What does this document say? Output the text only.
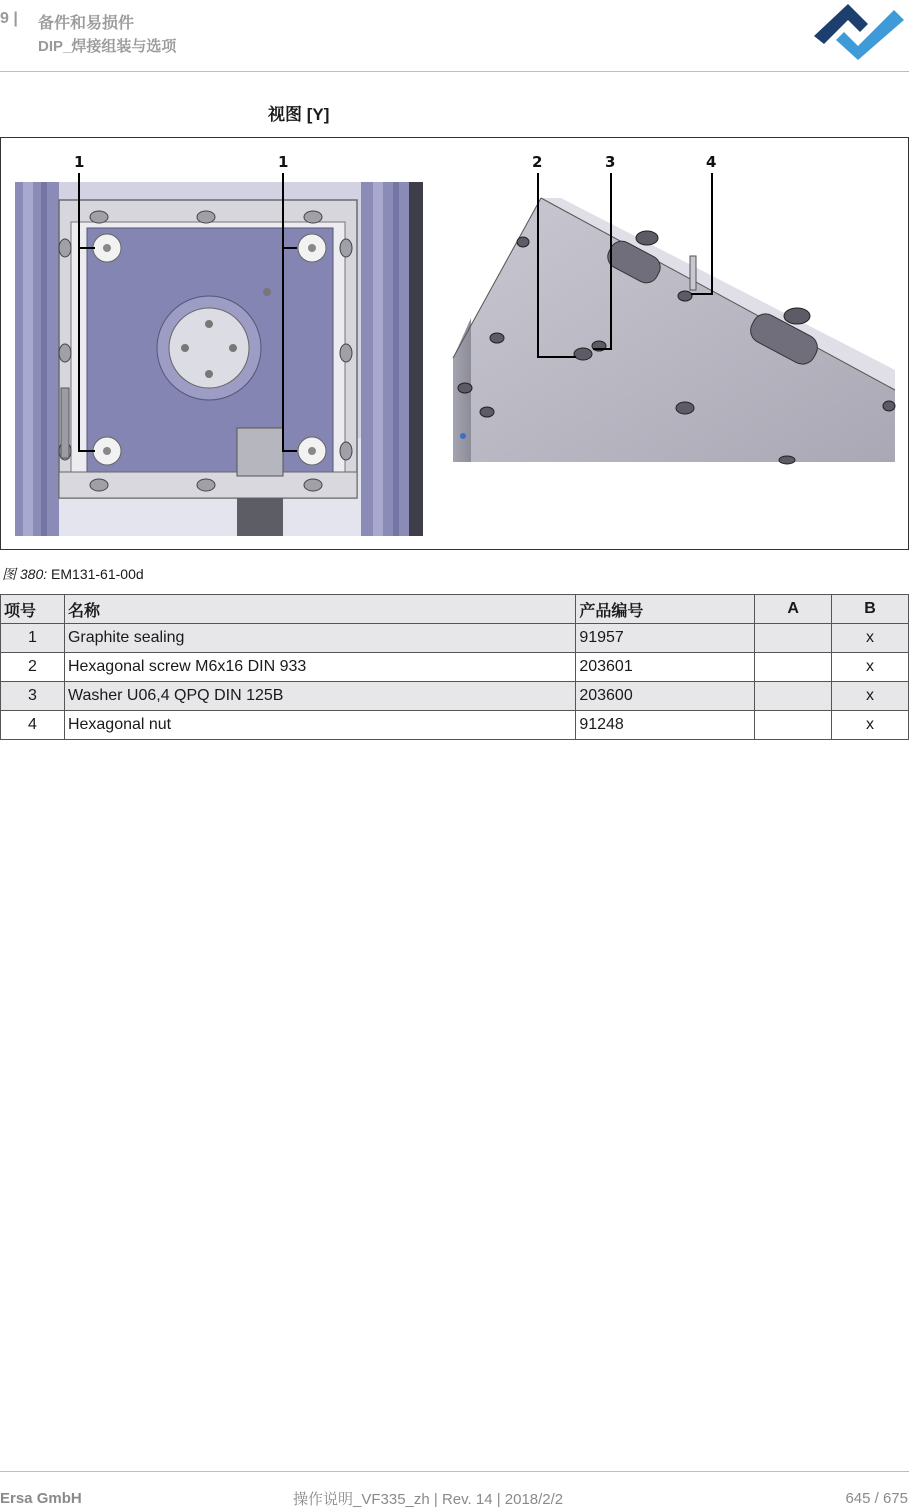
9 | 备件和易损件
DIP_焊接组装与选项
视图 [Y]
1	1	2	3	4
图 380: EM131-61-00d
项号	名称	产品编号	A	B
1	Graphite sealing	91957		x
2	Hexagonal screw M6x16 DIN 933	203601		x
3	Washer U06,4 QPQ DIN 125B	203600		x
4	Hexagonal nut	91248		x
Ersa GmbH	操作说明_VF335_zh | Rev. 14 | 2018/2/2	645 / 675
